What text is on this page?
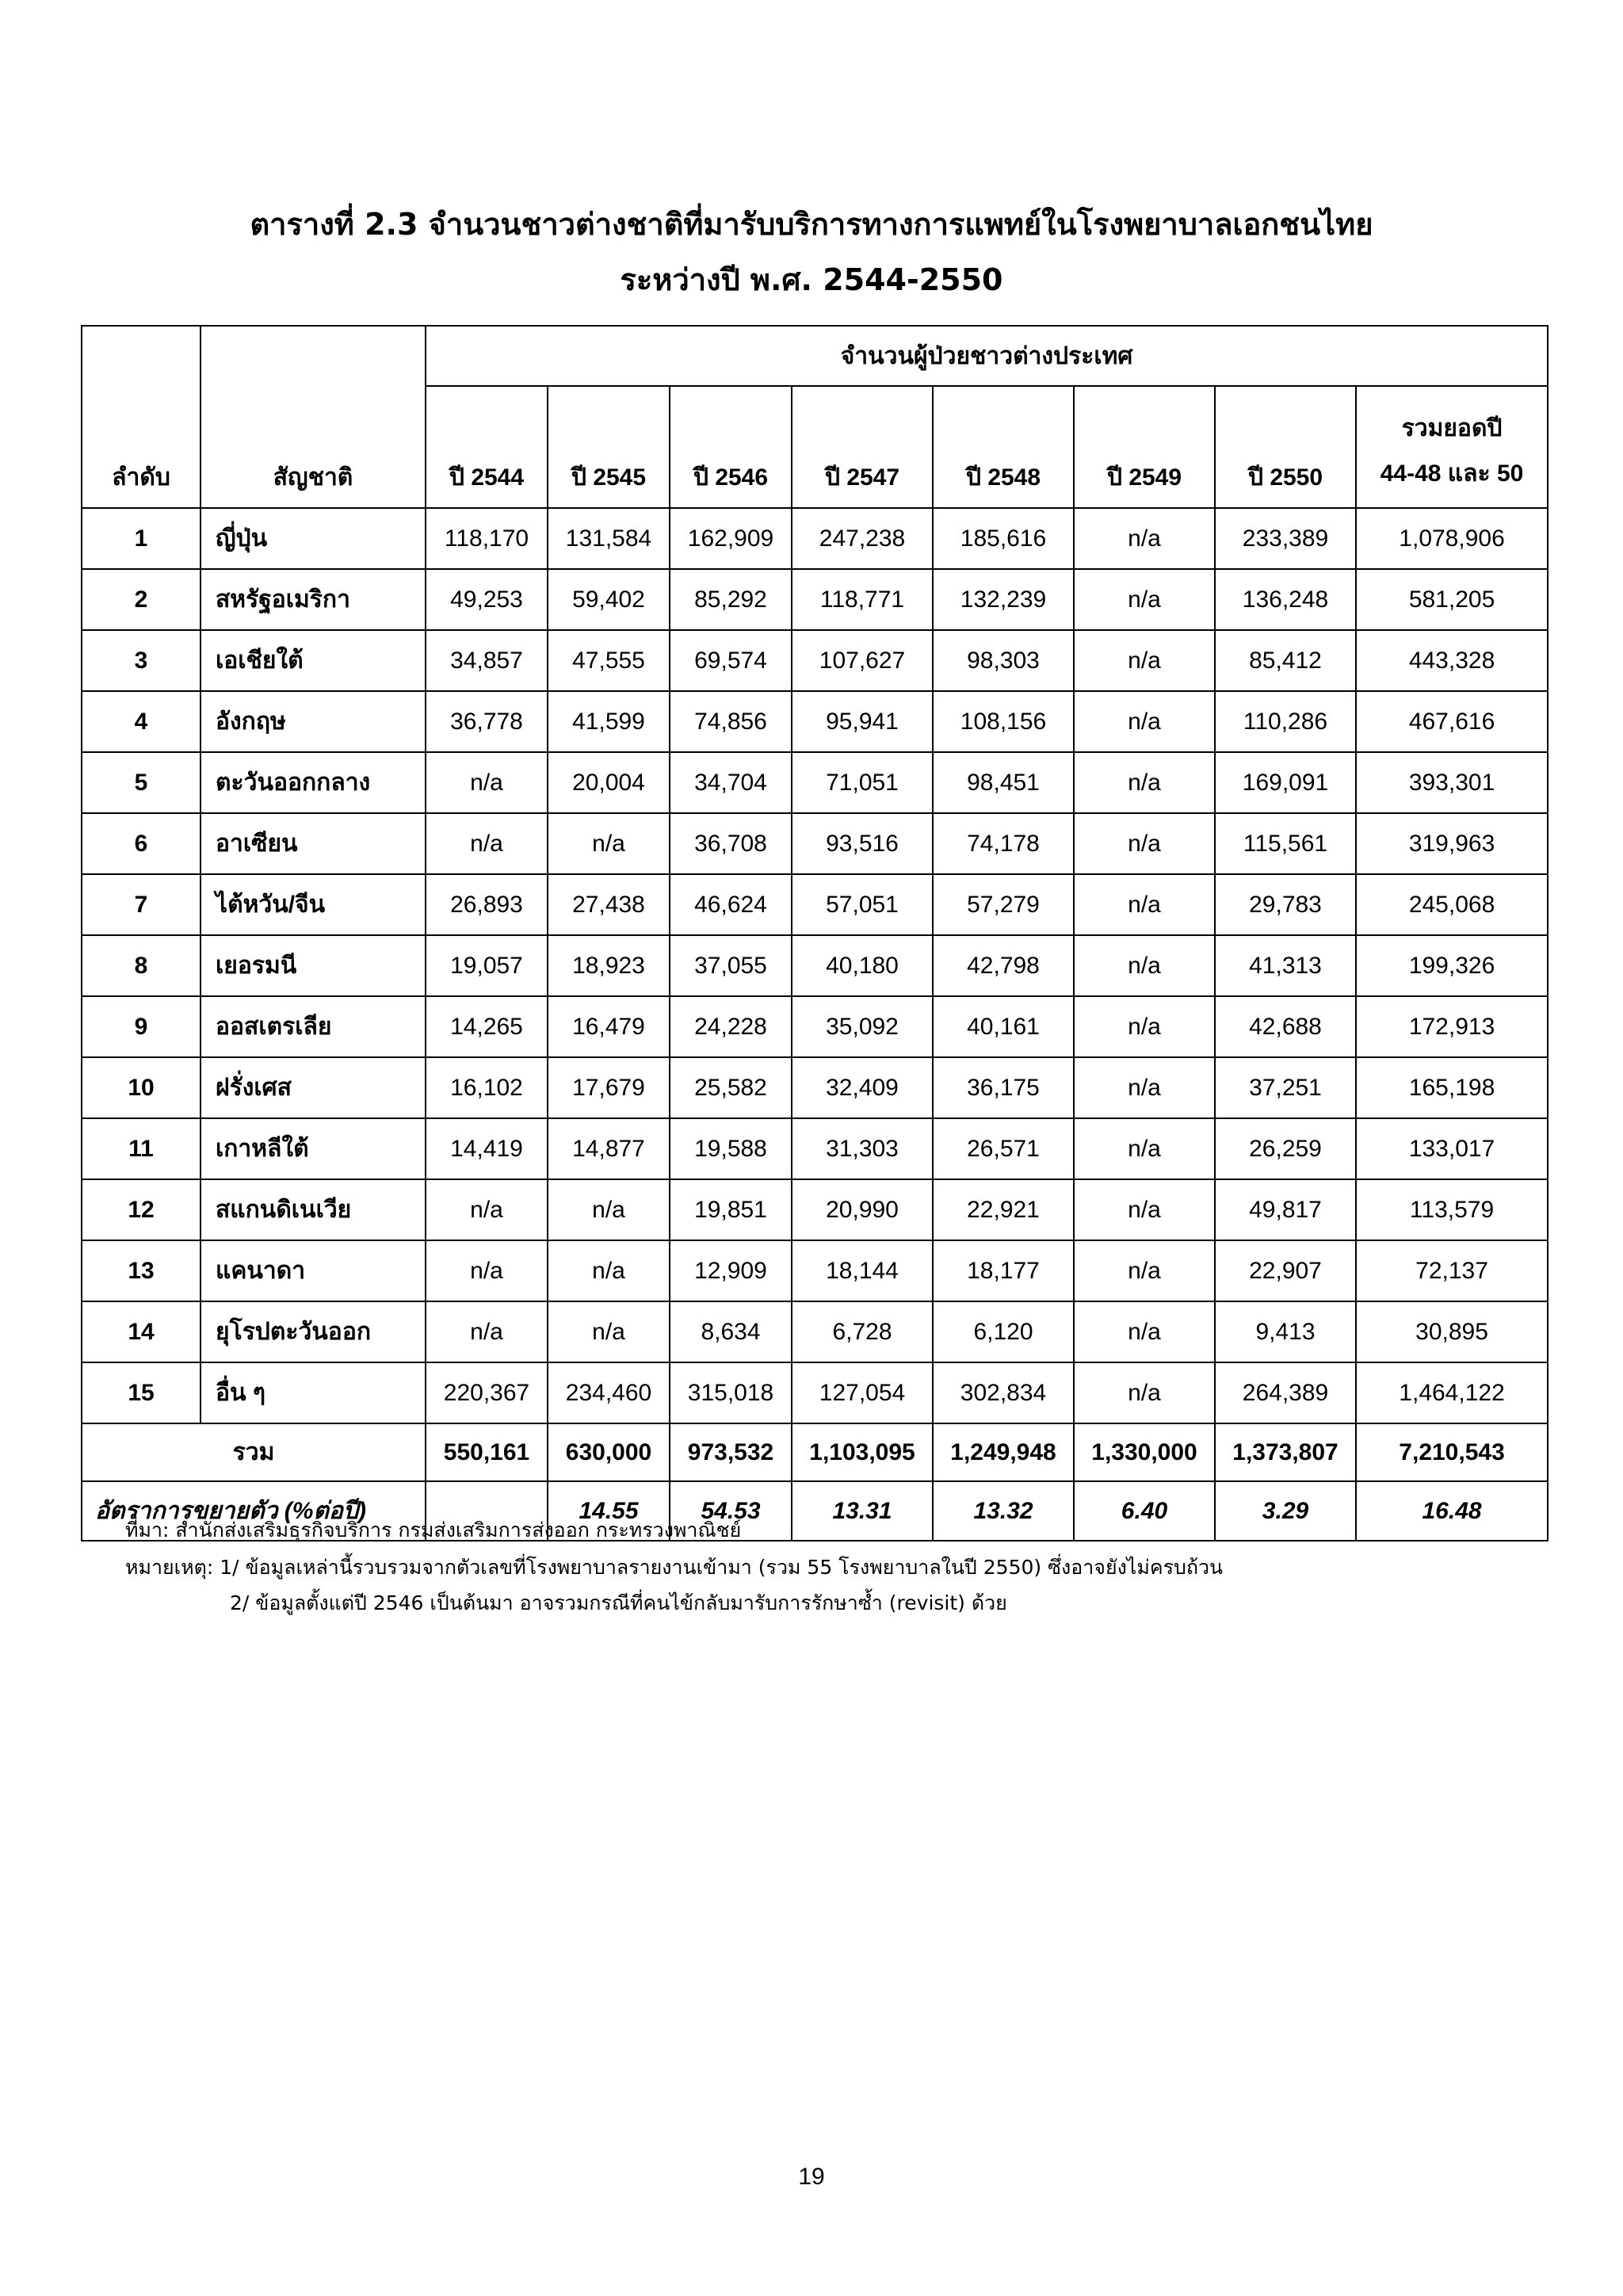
ตารางที่ 2.3 จำนวนชาวต่างชาติที่มารับบริการทางการแพทย์ในโรงพยาบาลเอกชนไทย
ระหว่างปี พ.ศ. 2544-2550
ลำดับ	สัญชาติ	จำนวนผู้ป่วยชาวต่างประเทศ							
		ปี 2544	ปี 2545	ปี 2546	ปี 2547	ปี 2548	ปี 2549	ปี 2550	รวมยอดปี
44-48 และ 50

1	ญี่ปุ่น	118,170	131,584	162,909	247,238	185,616	n/a	233,389	1,078,906
2	สหรัฐอเมริกา	49,253	59,402	85,292	118,771	132,239	n/a	136,248	581,205
3	เอเชียใต้	34,857	47,555	69,574	107,627	98,303	n/a	85,412	443,328
4	อังกฤษ	36,778	41,599	74,856	95,941	108,156	n/a	110,286	467,616
5	ตะวันออกกลาง	n/a	20,004	34,704	71,051	98,451	n/a	169,091	393,301
6	อาเซียน	n/a	n/a	36,708	93,516	74,178	n/a	115,561	319,963
7	ไต้หวัน/จีน	26,893	27,438	46,624	57,051	57,279	n/a	29,783	245,068
8	เยอรมนี	19,057	18,923	37,055	40,180	42,798	n/a	41,313	199,326
9	ออสเตรเลีย	14,265	16,479	24,228	35,092	40,161	n/a	42,688	172,913
10	ฝรั่งเศส	16,102	17,679	25,582	32,409	36,175	n/a	37,251	165,198
11	เกาหลีใต้	14,419	14,877	19,588	31,303	26,571	n/a	26,259	133,017
12	สแกนดิเนเวีย	n/a	n/a	19,851	20,990	22,921	n/a	49,817	113,579
13	แคนาดา	n/a	n/a	12,909	18,144	18,177	n/a	22,907	72,137
14	ยุโรปตะวันออก	n/a	n/a	8,634	6,728	6,120	n/a	9,413	30,895
15	อื่น ๆ	220,367	234,460	315,018	127,054	302,834	n/a	264,389	1,464,122
รวม		550,161	630,000	973,532	1,103,095	1,249,948	1,330,000	1,373,807	7,210,543
อัตราการขยายตัว (%ต่อปี)			14.55	54.53	13.31	13.32	6.40	3.29	16.48
ที่มา: สำนักส่งเสริมธุรกิจบริการ กรมส่งเสริมการส่งออก กระทรวงพาณิชย์
หมายเหตุ: 1/ ข้อมูลเหล่านี้รวบรวมจากตัวเลขที่โรงพยาบาลรายงานเข้ามา (รวม 55 โรงพยาบาลในปี 2550) ซึ่งอาจยังไม่ครบถ้วน
2/ ข้อมูลตั้งแต่ปี 2546 เป็นต้นมา อาจรวมกรณีที่คนไข้กลับมารับการรักษาซ้ำ (revisit) ด้วย
19
